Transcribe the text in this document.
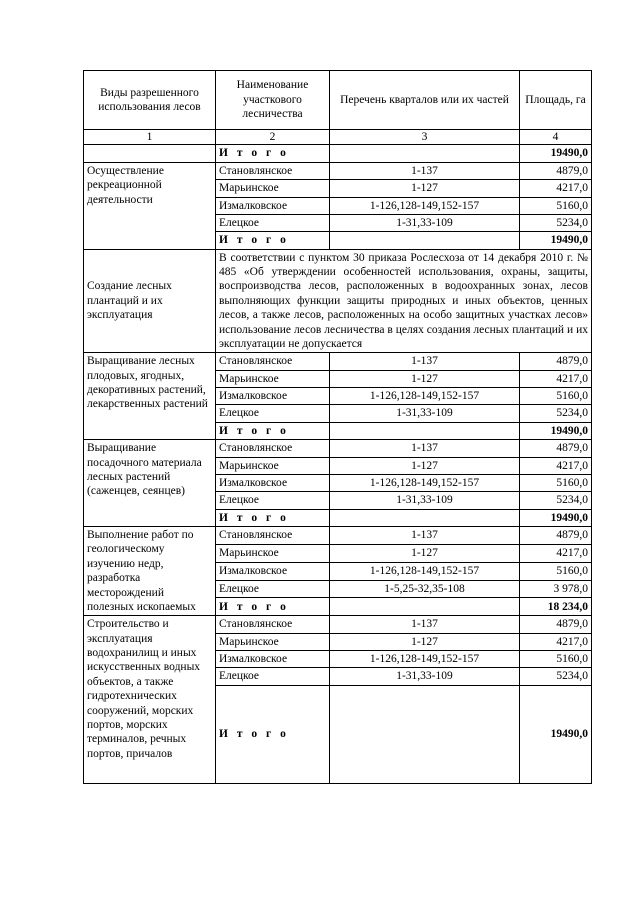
Виды разрешенного использования лесов	Наименование участкового лесничества	Перечень кварталов или их частей	Площадь, га
1	2	3	4
	И т о г о		19490,0
Осуществление рекреационной деятельности	Становлянское	1-137	4879,0
	Марьинское	1-127	4217,0
	Измалковское	1-126,128-149,152-157	5160,0
	Елецкое	1-31,33-109	5234,0
	И т о г о		19490,0
Создание лесных плантаций и их эксплуатация	В соответствии с пунктом 30 приказа Рослесхоза от 14 декабря 2010 г. № 485 «Об утверждении особенностей использования, охраны, защиты, воспроизводства лесов, расположенных в водоохранных зонах, лесов выполняющих функции защиты природных и иных объектов, ценных лесов, а также лесов, расположенных на особо защитных участках лесов» использование лесов лесничества в целях создания лесных плантаций и их эксплуатации не допускается		
Выращивание лесных плодовых, ягодных, декоративных растений, лекарственных растений	Становлянское	1-137	4879,0
	Марьинское	1-127	4217,0
	Измалковское	1-126,128-149,152-157	5160,0
	Елецкое	1-31,33-109	5234,0
	И т о г о		19490,0
Выращивание посадочного материала лесных растений (саженцев, сеянцев)	Становлянское	1-137	4879,0
	Марьинское	1-127	4217,0
	Измалковское	1-126,128-149,152-157	5160,0
	Елецкое	1-31,33-109	5234,0
	И т о г о		19490,0
Выполнение работ по геологическому изучению недр, разработка месторождений полезных ископаемых	Становлянское	1-137	4879,0
	Марьинское	1-127	4217,0
	Измалковское	1-126,128-149,152-157	5160,0
	Елецкое	1-5,25-32,35-108	3 978,0
	И т о г о		18 234,0
Строительство и эксплуатация водохранилищ и иных искусственных водных объектов, а также гидротехнических сооружений, морских портов, морских терминалов, речных портов, причалов	Становлянское	1-137	4879,0
	Марьинское	1-127	4217,0
	Измалковское	1-126,128-149,152-157	5160,0
	Елецкое	1-31,33-109	5234,0
	И т о г о		19490,0
